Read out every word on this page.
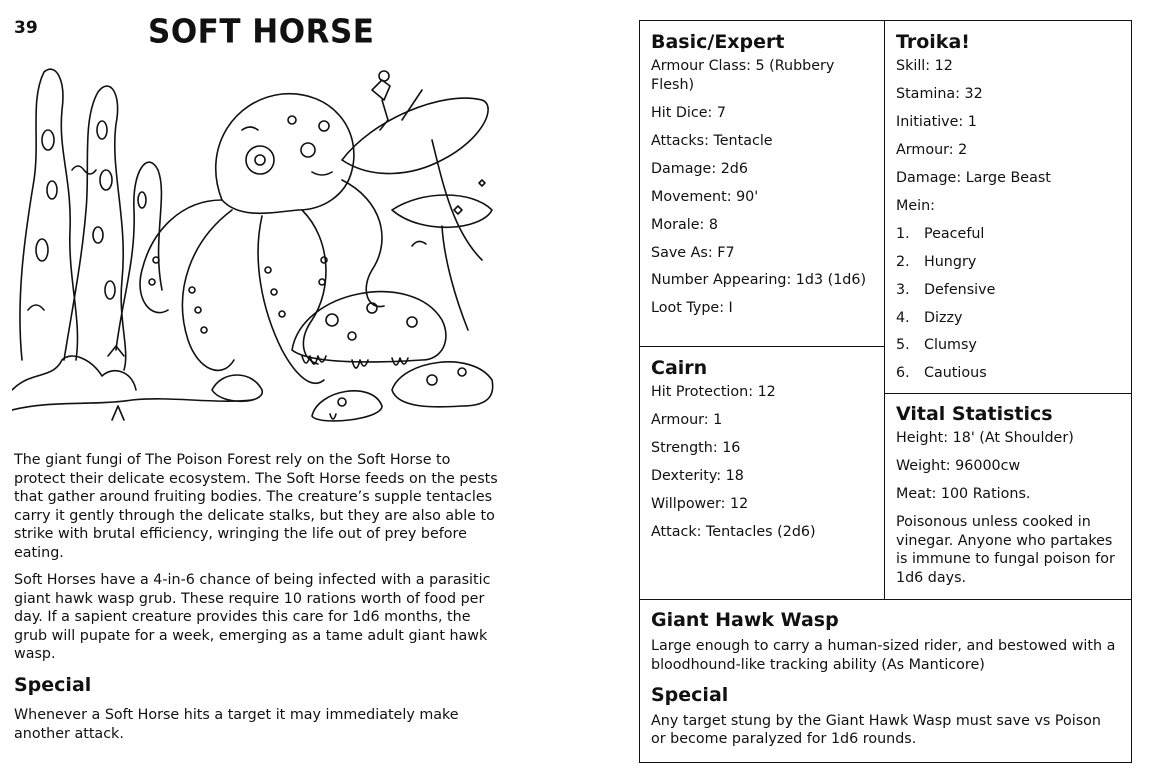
39	SOFT HORSE

The giant fungi of The Poison Forest rely on the Soft Horse to protect their delicate ecosystem. The Soft Horse feeds on the pests that gather around fruiting bodies. The creature’s supple tentacles carry it gently through the delicate stalks, but they are also able to strike with brutal efficiency, wringing the life out of prey before eating.

Soft Horses have a 4-in-6 chance of being infected with a parasitic giant hawk wasp grub. These require 10 rations worth of food per day. If a sapient creature provides this care for 1d6 months, the grub will pupate for a week, emerging as a tame adult giant hawk wasp.

Special

Whenever a Soft Horse hits a target it may immediately make another attack.

Basic/Expert
Armour Class: 5 (Rubbery Flesh)
Hit Dice: 7
Attacks: Tentacle
Damage: 2d6
Movement: 90'
Morale: 8
Save As: F7
Number Appearing: 1d3 (1d6)
Loot Type: I
Cairn
Hit Protection: 12
Armour: 1
Strength: 16
Dexterity: 18
Willpower: 12
Attack: Tentacles (2d6)
Troika!
Skill: 12
Stamina: 32
Initiative: 1
Armour: 2
Damage: Large Beast
Mein:
1.	Peaceful
2.	Hungry
3.	Defensive
4.	Dizzy
5.	Clumsy
6.	Cautious
Vital Statistics
Height: 18' (At Shoulder)
Weight: 96000cw
Meat: 100 Rations.
Poisonous unless cooked in vinegar. Anyone who partakes is immune to fungal poison for 1d6 days.
Giant Hawk Wasp
Large enough to carry a human-sized rider, and bestowed with a bloodhound-like tracking ability (As Manticore)
Special
Any target stung by the Giant Hawk Wasp must save vs Poison or become paralyzed for 1d6 rounds.
